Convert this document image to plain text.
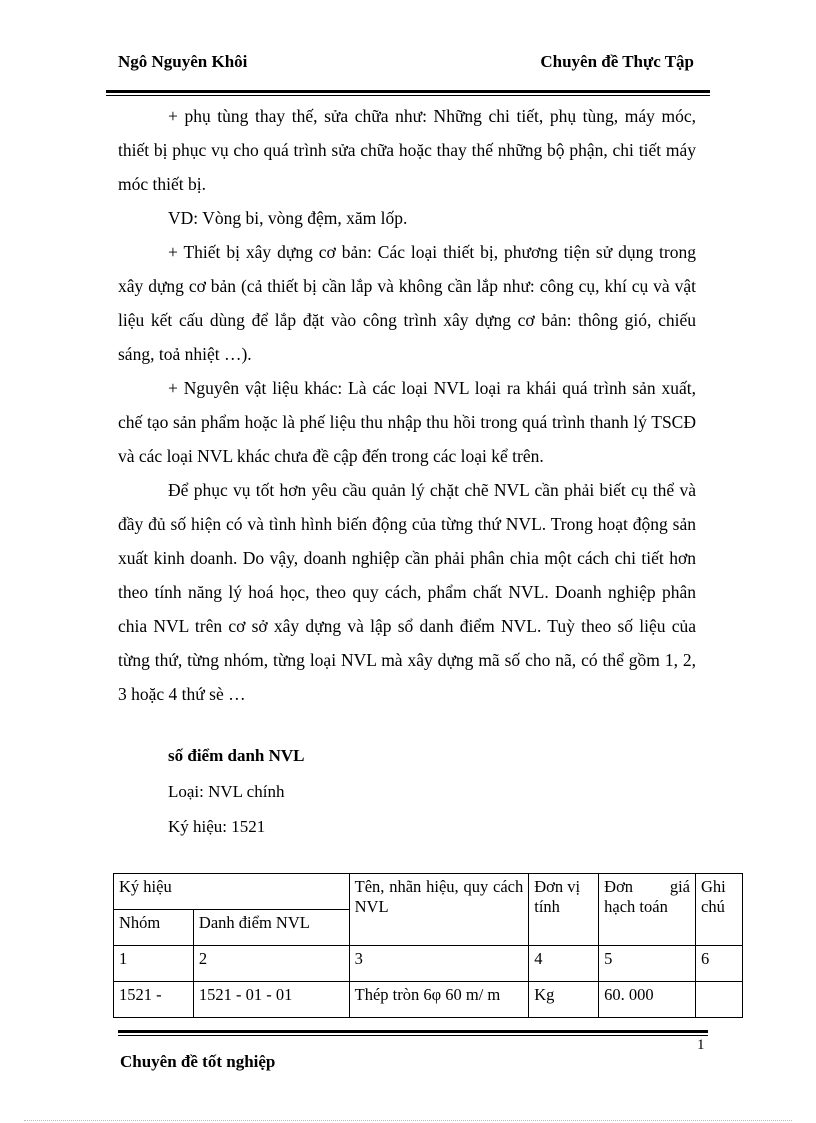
Ngô Nguyên Khôi	Chuyên đề Thực Tập

+ phụ tùng thay thế, sửa chữa như: Những chi tiết, phụ tùng, máy móc, thiết bị phục vụ cho quá trình sửa chữa hoặc thay thế những bộ phận, chi tiết máy móc thiết bị.

VD: Vòng bi, vòng đệm, xăm lốp.

+ Thiết bị xây dựng cơ bản: Các loại thiết bị, phương tiện sử dụng trong xây dựng cơ bản (cả thiết bị cần lắp và không cần lắp như: công cụ, khí cụ và vật liệu kết cấu dùng để lắp đặt vào công trình xây dựng cơ bản: thông gió, chiếu sáng, toả nhiệt …).

+ Nguyên vật liệu khác: Là các loại NVL loại ra khái quá trình sản xuất, chế tạo sản phẩm hoặc là phế liệu thu nhập thu hồi trong quá trình thanh lý TSCĐ và các loại NVL khác chưa đề cập đến trong các loại kể trên.

Để phục vụ tốt hơn yêu cầu quản lý chặt chẽ NVL cần phải biết cụ thể và đầy đủ số hiện có và tình hình biến động của từng thứ NVL. Trong hoạt động sản xuất kinh doanh. Do vậy, doanh nghiệp cần phải phân chia một cách chi tiết hơn theo tính năng lý hoá học, theo quy cách, phẩm chất NVL. Doanh nghiệp phân chia NVL trên cơ sở xây dựng và lập sổ danh điểm NVL. Tuỳ theo số liệu của từng thứ, từng nhóm, từng loại NVL mà xây dựng mã số cho nã, có thể gồm 1, 2, 3 hoặc 4 thứ sè …

số điểm danh NVL
Loại: NVL chính
Ký hiệu: 1521
Ký hiệu		Tên, nhãn hiệu, quy cách NVL	Đơn vị tính	Đơn giá hạch toán	Ghi chú
Nhóm	Danh điểm NVL				
1	2	3	4	5	6
1521 -	1521 - 01 - 01	Thép tròn 6φ 60 m/ m	Kg	60. 000	
1
Chuyên đề tốt nghiệp
